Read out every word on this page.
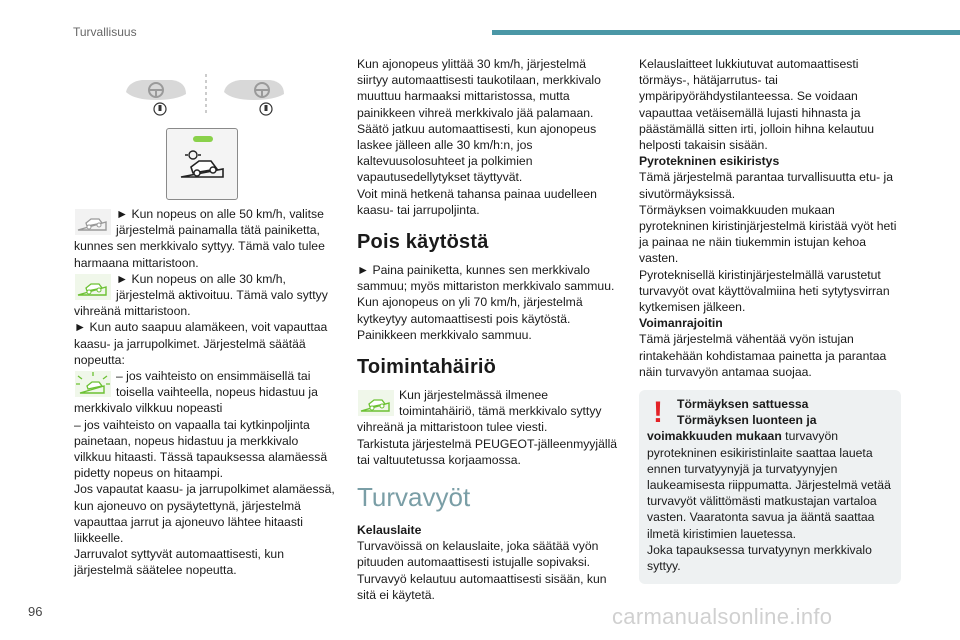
Turvallisuus
96	carmanualsonline.info
► Kun nopeus on alle 50 km/h, valitse järjestelmä painamalla tätä painiketta, kunnes sen merkkivalo syttyy. Tämä valo tulee harmaana mittaristoon.
► Kun nopeus on alle 30 km/h, järjestelmä aktivoituu. Tämä valo syttyy vihreänä mittaristoon.

► Kun auto saapuu alamäkeen, voit vapauttaa kaasu- ja jarrupolkimet. Järjestelmä säätää nopeutta:

– jos vaihteisto on ensimmäisellä tai toisella vaihteella, nopeus hidastuu ja merkkivalo vilkkuu nopeasti

– jos vaihteisto on vapaalla tai kytkinpoljinta painetaan, nopeus hidastuu ja merkkivalo vilkkuu hitaasti. Tässä tapauksessa alamäessä pidetty nopeus on hitaampi.

Jos vapautat kaasu- ja jarrupolkimet alamäessä, kun ajoneuvo on pysäytettynä, järjestelmä vapauttaa jarrut ja ajoneuvo lähtee hitaasti liikkeelle.

Jarruvalot syttyvät automaattisesti, kun järjestelmä säätelee nopeutta.

Kun ajonopeus ylittää 30 km/h, järjestelmä siirtyy automaattisesti taukotilaan, merkkivalo muuttuu harmaaksi mittaristossa, mutta painikkeen vihreä merkkivalo jää palamaan.

Säätö jatkuu automaattisesti, kun ajonopeus laskee jälleen alle 30 km/h:n, jos kaltevuusolosuhteet ja polkimien vapautusedellytykset täyttyvät.

Voit minä hetkenä tahansa painaa uudelleen kaasu- tai jarrupoljinta.

Pois käytöstä

► Paina painiketta, kunnes sen merkkivalo sammuu; myös mittariston merkkivalo sammuu.

Kun ajonopeus on yli 70 km/h, järjestelmä kytkeytyy automaattisesti pois käytöstä.

Painikkeen merkkivalo sammuu.

Toimintahäiriö
Kun järjestelmässä ilmenee toimintahäiriö, tämä merkkivalo syttyy vihreänä ja mittaristoon tulee viesti.

Tarkistuta järjestelmä PEUGEOT-jälleenmyyjällä tai valtuutetussa korjaamossa.

Turvavyöt

Kelauslaite

Turvavöissä on kelauslaite, joka säätää vyön pituuden automaattisesti istujalle sopivaksi. Turvavyö kelautuu automaattisesti sisään, kun sitä ei käytetä.

Kelauslaitteet lukkiutuvat automaattisesti törmäys-, hätäjarrutus- tai ympäripyörähdystilanteessa. Se voidaan vapauttaa vetäisemällä lujasti hihnasta ja päästämällä sitten irti, jolloin hihna kelautuu helposti takaisin sisään.

Pyrotekninen esikiristys

Tämä järjestelmä parantaa turvallisuutta etu- ja sivutörmäyksissä.

Törmäyksen voimakkuuden mukaan pyrotekninen kiristinjärjestelmä kiristää vyöt heti ja painaa ne näin tiukemmin istujan kehoa vasten.

Pyroteknisellä kiristinjärjestelmällä varustetut turvavyöt ovat käyttövalmiina heti sytytysvirran kytkemisen jälkeen.

Voimanrajoitin

Tämä järjestelmä vähentää vyön istujan rintakehään kohdistamaa painetta ja parantaa näin turvavyön antamaa suojaa.

! Törmäyksen sattuessa
Törmäyksen luonteen ja

voimakkuuden mukaan turvavyön pyrotekninen esikiristinlaite saattaa laueta ennen turvatyynyjä ja turvatyynyjen laukeamisesta riippumatta. Järjestelmä vetää turvavyöt välittömästi matkustajan vartaloa vasten. Vaaratonta savua ja ääntä saattaa ilmetä kiristimien lauetessa.

Joka tapauksessa turvatyynyn merkkivalo syttyy.
